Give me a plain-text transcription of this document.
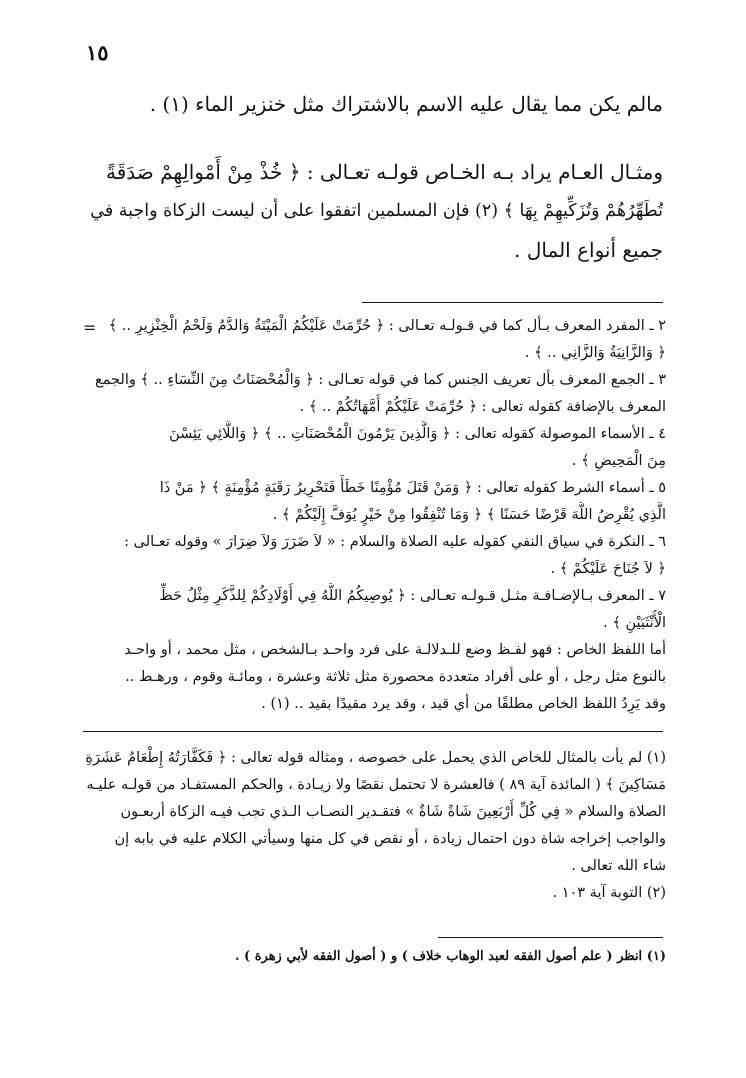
١٥
مالم يكن مما يقال عليه الاسم بالاشتراك مثل خنزير الماء (١) .
ومثـال العـام يراد بـه الخـاص قولـه تعـالى : ﴿ خُذْ مِنْ أَمْوالِهِمْ صَدَقَةً
تُطَهِّرُهُمْ وَتُزَكِّيهِمْ بِهَا ﴾ (٢) فإن المسلمين اتفقوا على أن ليست الزكاة واجبة في
جميع أنواع المال .
= ٢ ـ المفرد المعرف بـأل كما في قـولـه تعـالى : ﴿ حُرِّمَتْ عَلَيْكُمُ الْمَيْتَةُ وَالدَّمُ وَلَحْمُ الْخِنْزِيرِ .. ﴾
﴿ وَالزَّانِيَةُ وَالزَّانِي .. ﴾ .
٣ ـ الجمع المعرف بأل تعريف الجنس كما في قوله تعـالى : ﴿ وَالْمُحْصَنَاتُ مِنَ النِّسَاءِ .. ﴾ والجمع
المعرف بالإضافة كقوله تعالى : ﴿ حُرِّمَتْ عَلَيْكُمْ أُمَّهَاتُكُمْ .. ﴾ .
٤ ـ الأسماء الموصولة كقوله تعالى : ﴿ وَالَّذِينَ يَرْمُونَ الْمُحْصَنَاتِ .. ﴾ ﴿ وَاللَّائِي يَئِسْنَ
مِنَ الْمَحِيضِ ﴾ .
٥ ـ أسماء الشرط كقوله تعالى : ﴿ وَمَنْ قَتَلَ مُؤْمِنًا خَطَأً فَتَحْرِيرُ رَقَبَةٍ مُؤْمِنَةٍ ﴾ ﴿ مَنْ ذَا
الَّذِي يُقْرِضُ اللَّهَ قَرْضًا حَسَنًا ﴾ ﴿ وَمَا تُنْفِقُوا مِنْ خَيْرٍ يُوَفَّ إِلَيْكُمْ ﴾ .
٦ ـ النكرة في سياق النفي كقوله عليه الصلاة والسلام : « لاَ ضَرَرَ وَلاَ ضِرَارَ » وقوله تعـالى :
﴿ لاَ جُنَاحَ عَلَيْكُمْ ﴾ .
٧ ـ المعرف بـالإضـافـة مثـل قـولـه تعـالى : ﴿ يُوصِيكُمُ اللَّهُ فِي أَوْلَادِكُمْ لِلذَّكَرِ مِثْلُ حَظِّ
الْأُنْثَيَيْنِ ﴾ .
أما اللفظ الخاص : فهو لفـظ وضع للـدلالـة على فرد واحـد بـالشخص ، مثل محمد ، أو واحـد
بالنوع مثل رجل ، أو على أفراد متعددة محصورة مثل ثلاثة وعشرة ، ومائـة وقوم ، ورهـط ..
وقد يَرِدُ اللفظ الخاص مطلقًا من أي قيد ، وقد يرد مقيدًا بقيد .. (١) .
(١) لم يأت بالمثال للخاص الذي يحمل على خصوصه ، ومثاله قوله تعالى : ﴿ فَكَفَّارَتُهُ إِطْعَامُ عَشَرَةِ
مَسَاكِينَ ﴾ ( المائدة آية ٨٩ ) فالعشرة لا تحتمل نقصًا ولا زيـادة ، والحكم المستفـاد من قولـه عليـه
الصلاة والسلام « فِي كُلِّ أَرْبَعِينَ شَاةً شَاةٌ » فتقـدير النصـاب الـذي تجب فيـه الزكاة أربعـون
والواجب إخراجه شاة دون احتمال زيادة ، أو نقص في كل منها وسيأتي الكلام عليه في بابه إن
شاء الله تعالى .
(٢) التوبة آية ١٠٣ .
(١) انظر ( علم أصول الفقه لعبد الوهاب خلاف ) و ( أصول الفقه لأبي زهرة ) .
